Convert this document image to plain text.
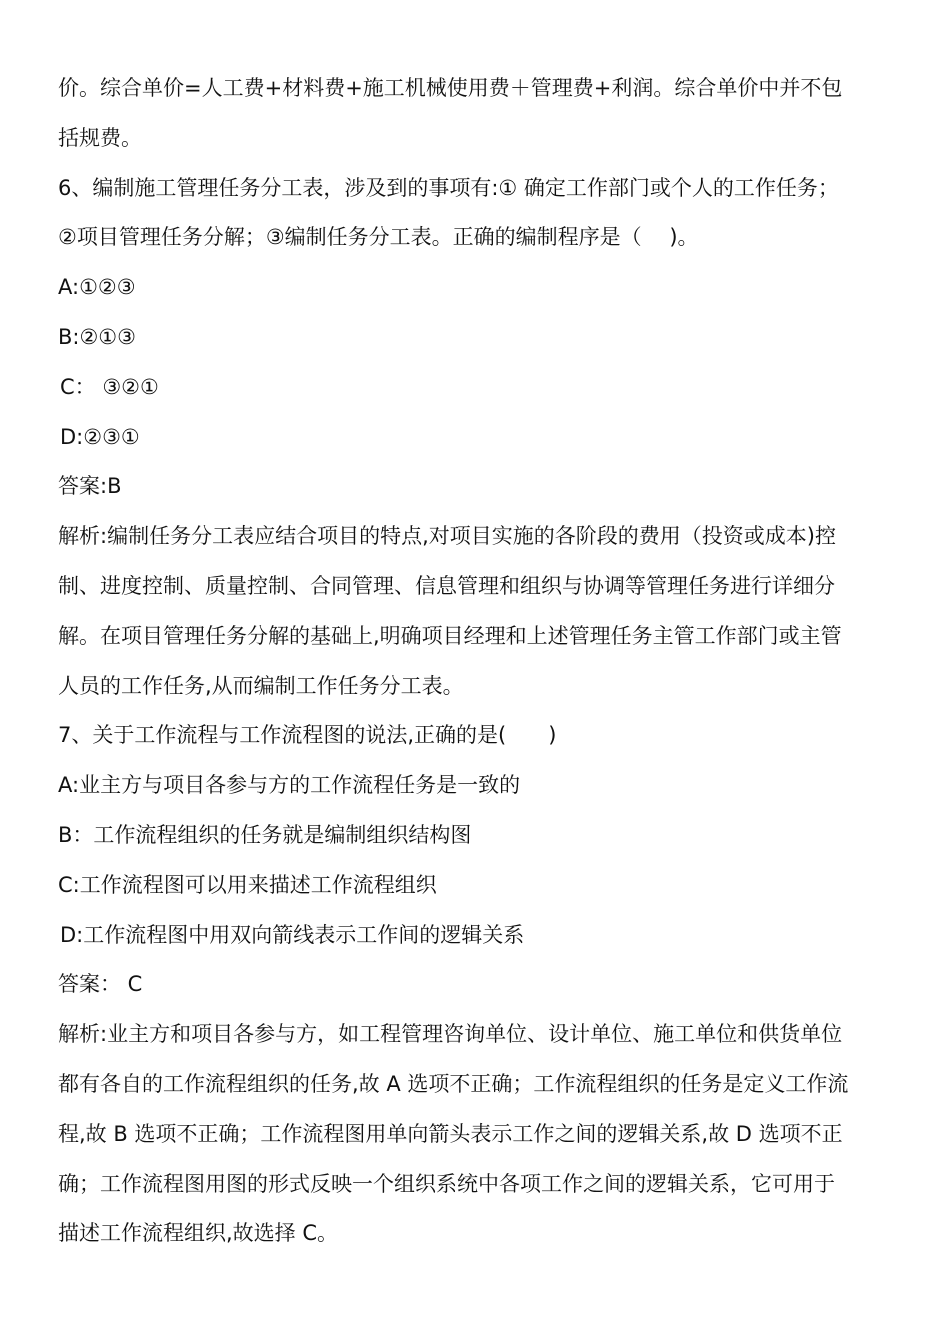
价。综合单价=人工费+材料费+施工机械使用费＋管理费+利润。综合单价中并不包
括规费。
6、编制施工管理任务分工表，涉及到的事项有:① 确定工作部门或个人的工作任务；
②项目管理任务分解；③编制任务分工表。正确的编制程序是（　 )。
A:①②③
B:②①③
C： ③②①
D:②③①
答案:B
解析:编制任务分工表应结合项目的特点,对项目实施的各阶段的费用（投资或成本)控
制、进度控制、质量控制、合同管理、信息管理和组织与协调等管理任务进行详细分
解。在项目管理任务分解的基础上,明确项目经理和上述管理任务主管工作部门或主管
人员的工作任务,从而编制工作任务分工表。
7、关于工作流程与工作流程图的说法,正确的是(　　)
A:业主方与项目各参与方的工作流程任务是一致的
B：工作流程组织的任务就是编制组织结构图
C:工作流程图可以用来描述工作流程组织
D:工作流程图中用双向箭线表示工作间的逻辑关系
答案： C
解析:业主方和项目各参与方，如工程管理咨询单位、设计单位、施工单位和供货单位
都有各自的工作流程组织的任务,故 A 选项不正确；工作流程组织的任务是定义工作流
程,故 B 选项不正确；工作流程图用单向箭头表示工作之间的逻辑关系,故 D 选项不正
确；工作流程图用图的形式反映一个组织系统中各项工作之间的逻辑关系，它可用于
描述工作流程组织,故选择 C。
